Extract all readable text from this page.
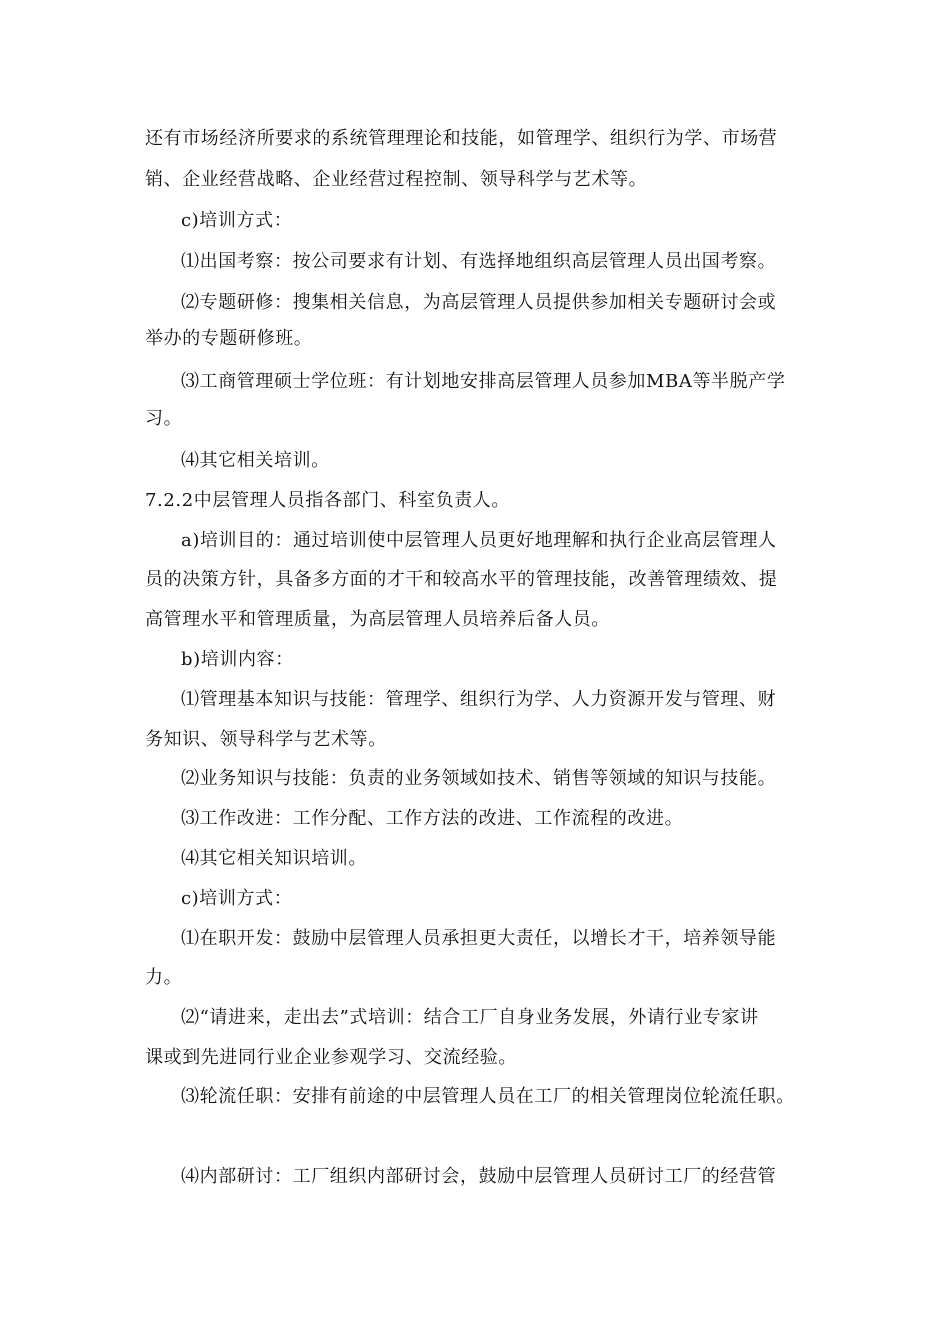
还有市场经济所要求的系统管理理论和技能，如管理学、组织行为学、市场营
销、企业经营战略、企业经营过程控制、领导科学与艺术等。
c)培训方式：
⑴出国考察：按公司要求有计划、有选择地组织高层管理人员出国考察。
⑵专题研修：搜集相关信息，为高层管理人员提供参加相关专题研讨会或
举办的专题研修班。
⑶工商管理硕士学位班：有计划地安排高层管理人员参加MBA等半脱产学
习。
⑷其它相关培训。
7.2.2中层管理人员指各部门、科室负责人。
a)培训目的：通过培训使中层管理人员更好地理解和执行企业高层管理人
员的决策方针，具备多方面的才干和较高水平的管理技能，改善管理绩效、提
高管理水平和管理质量，为高层管理人员培养后备人员。
b)培训内容：
⑴管理基本知识与技能：管理学、组织行为学、人力资源开发与管理、财
务知识、领导科学与艺术等。
⑵业务知识与技能：负责的业务领域如技术、销售等领域的知识与技能。
⑶工作改进：工作分配、工作方法的改进、工作流程的改进。
⑷其它相关知识培训。
c)培训方式：
⑴在职开发：鼓励中层管理人员承担更大责任，以增长才干，培养领导能
力。
⑵“请进来，走出去”式培训：结合工厂自身业务发展，外请行业专家讲
课或到先进同行业企业参观学习、交流经验。
⑶轮流任职：安排有前途的中层管理人员在工厂的相关管理岗位轮流任职。
⑷内部研讨：工厂组织内部研讨会，鼓励中层管理人员研讨工厂的经营管
